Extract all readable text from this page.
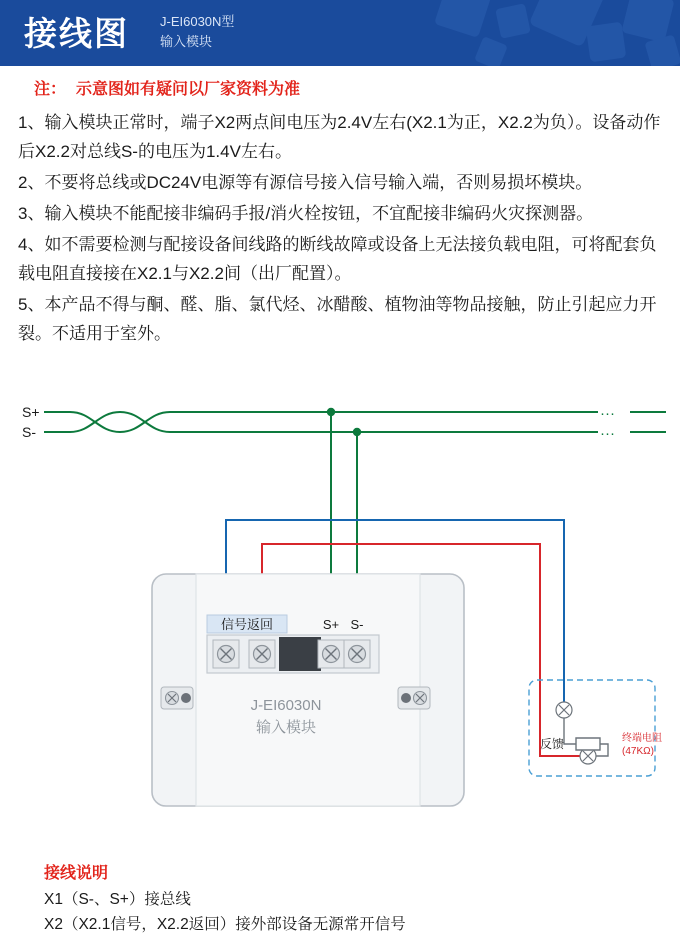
接线图 J-EI6030N型
输入模块
注： 示意图如有疑问以厂家资料为准

1、输入模块正常时，端子X2两点间电压为2.4V左右(X2.1为正，X2.2为负）。设备动作后X2.2对总线S-的电压为1.4V左右。

2、不要将总线或DC24V电源等有源信号接入信号输入端，否则易损坏模块。

3、输入模块不能配接非编码手报/消火栓按钮，不宜配接非编码火灾探测器。

4、如不需要检测与配接设备间线路的断线故障或设备上无法接负载电阻，可将配套负载电阻直接接在X2.1与X2.2间（出厂配置）。

5、本产品不得与酮、醛、脂、氯代烃、冰醋酸、植物油等物品接触，防止引起应力开裂。不适用于室外。

S+
S-
···
···
信号返回	S+ S-
J-EI6030N
输入模块
反馈	终端电阻
(47KΩ)
接线说明
X1（S-、S+）接总线
X2（X2.1信号，X2.2返回）接外部设备无源常开信号
